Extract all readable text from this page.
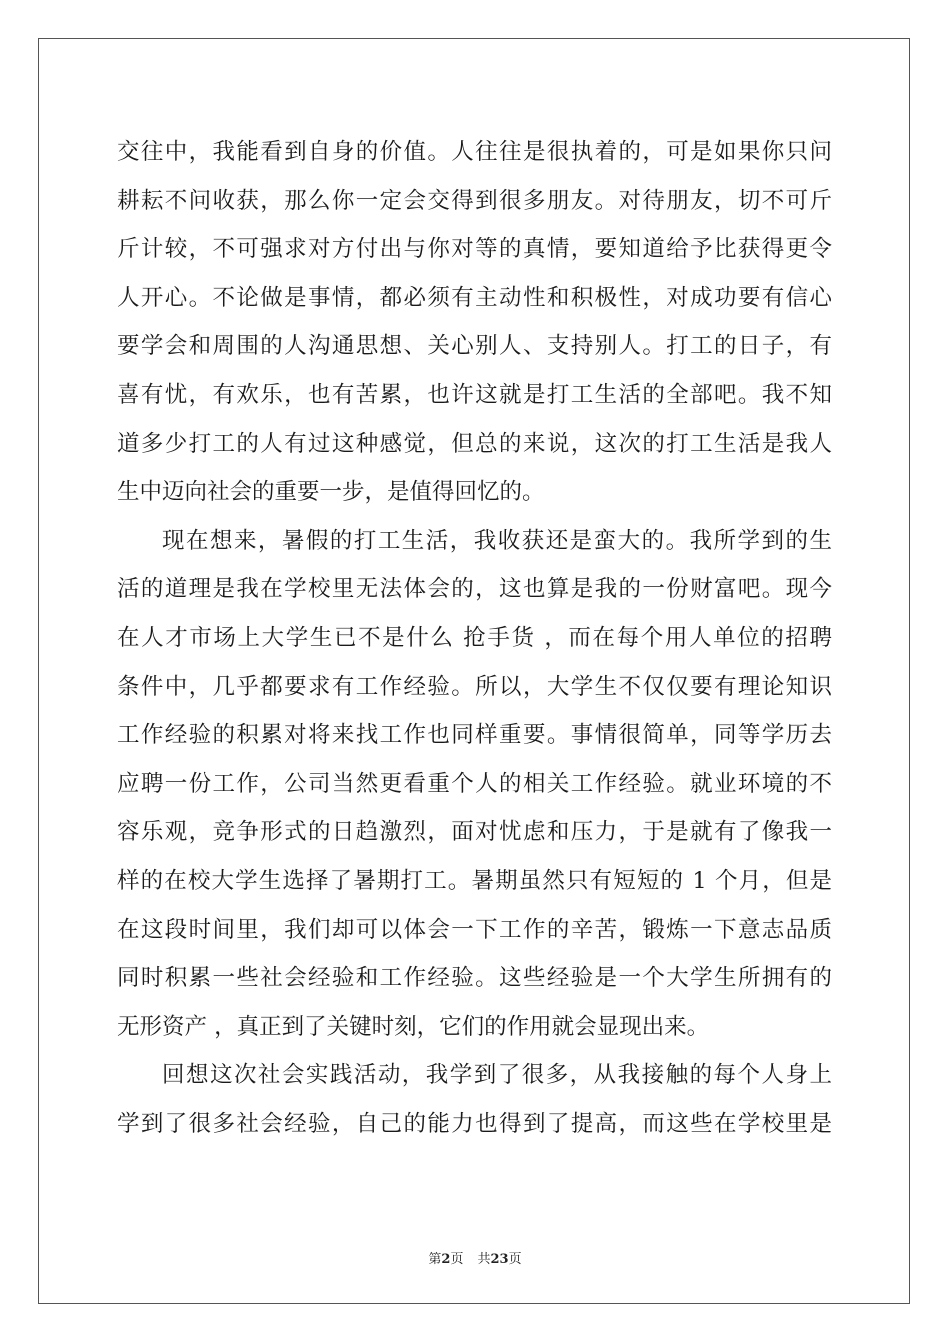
交往中，我能看到自身的价值。人往往是很执着的，可是如果你只问
耕耘不问收获，那么你一定会交得到很多朋友。对待朋友，切不可斤
斤计较，不可强求对方付出与你对等的真情，要知道给予比获得更令
人开心。不论做是事情，都必须有主动性和积极性，对成功要有信心
要学会和周围的人沟通思想、关心别人、支持别人。打工的日子，有
喜有忧，有欢乐，也有苦累，也许这就是打工生活的全部吧。我不知
道多少打工的人有过这种感觉，但总的来说，这次的打工生活是我人
生中迈向社会的重要一步，是值得回忆的。
现在想来，暑假的打工生活，我收获还是蛮大的。我所学到的生
活的道理是我在学校里无法体会的，这也算是我的一份财富吧。现今
在人才市场上大学生已不是什么 抢手货 ，而在每个用人单位的招聘
条件中，几乎都要求有工作经验。所以，大学生不仅仅要有理论知识
工作经验的积累对将来找工作也同样重要。事情很简单，同等学历去
应聘一份工作，公司当然更看重个人的相关工作经验。就业环境的不
容乐观，竞争形式的日趋激烈，面对忧虑和压力，于是就有了像我一
样的在校大学生选择了暑期打工。暑期虽然只有短短的 1 个月，但是
在这段时间里，我们却可以体会一下工作的辛苦，锻炼一下意志品质
同时积累一些社会经验和工作经验。这些经验是一个大学生所拥有的
无形资产 ，真正到了关键时刻，它们的作用就会显现出来。
回想这次社会实践活动，我学到了很多，从我接触的每个人身上
学到了很多社会经验，自己的能力也得到了提高，而这些在学校里是
第2页 共23页
